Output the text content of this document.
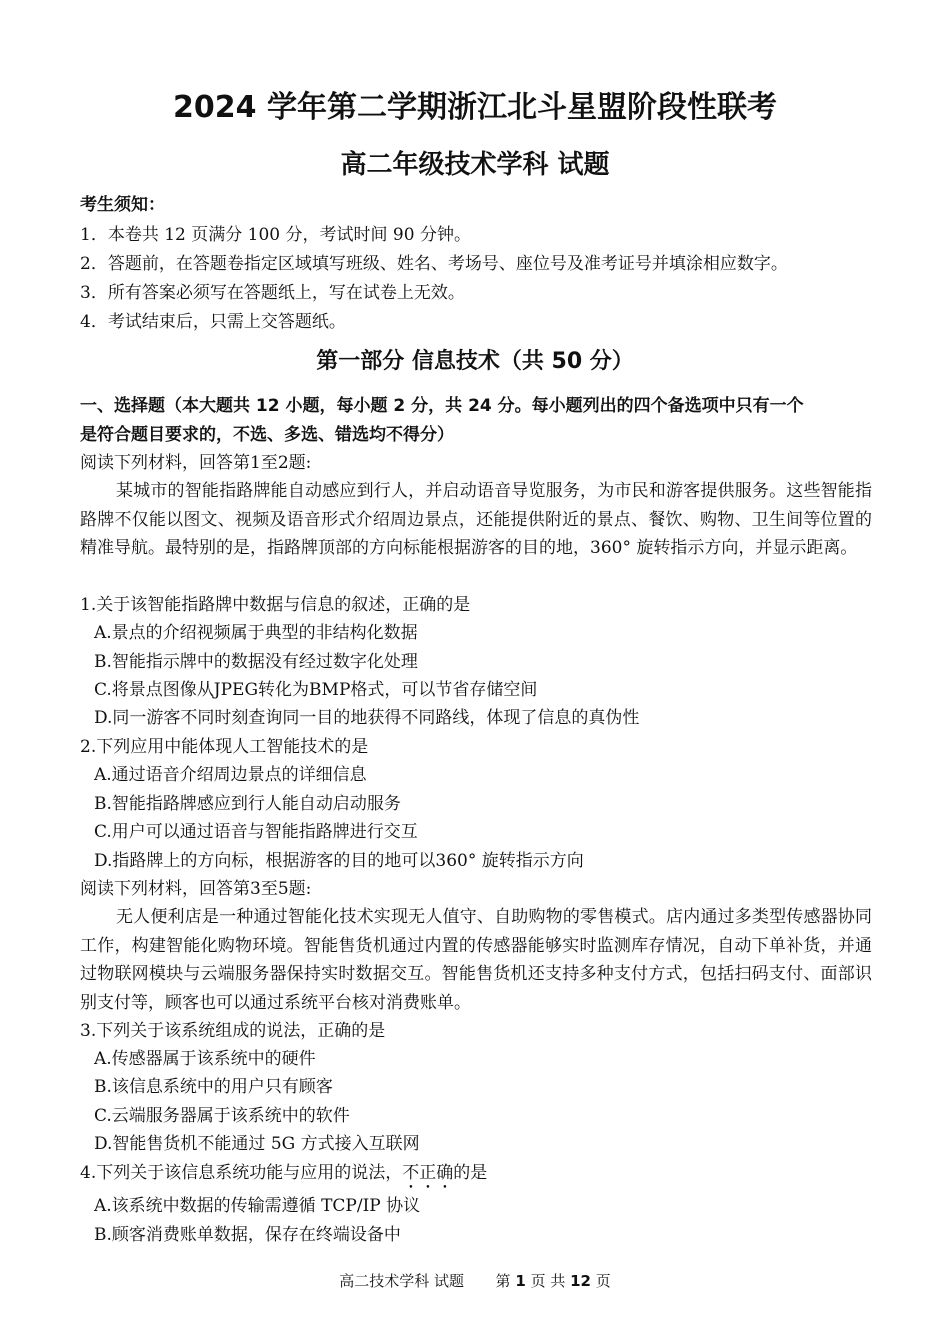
2024 学年第二学期浙江北斗星盟阶段性联考
高二年级技术学科 试题
考生须知：
1．本卷共 12 页满分 100 分，考试时间 90 分钟。
2．答题前，在答题卷指定区域填写班级、姓名、考场号、座位号及准考证号并填涂相应数字。
3．所有答案必须写在答题纸上，写在试卷上无效。
4．考试结束后，只需上交答题纸。
第一部分 信息技术（共 50 分）
一、选择题（本大题共 12 小题，每小题 2 分，共 24 分。每小题列出的四个备选项中只有一个
是符合题目要求的，不选、多选、错选均不得分）
阅读下列材料，回答第1至2题:
某城市的智能指路牌能自动感应到行人，并启动语音导览服务，为市民和游客提供服务。这些智能指路牌不仅能以图文、视频及语音形式介绍周边景点，还能提供附近的景点、餐饮、购物、卫生间等位置的精准导航。最特别的是，指路牌顶部的方向标能根据游客的目的地，360° 旋转指示方向，并显示距离。
1.关于该智能指路牌中数据与信息的叙述，正确的是
A.景点的介绍视频属于典型的非结构化数据
B.智能指示牌中的数据没有经过数字化处理
C.将景点图像从JPEG转化为BMP格式，可以节省存储空间
D.同一游客不同时刻查询同一目的地获得不同路线，体现了信息的真伪性
2.下列应用中能体现人工智能技术的是
A.通过语音介绍周边景点的详细信息
B.智能指路牌感应到行人能自动启动服务
C.用户可以通过语音与智能指路牌进行交互
D.指路牌上的方向标，根据游客的目的地可以360° 旋转指示方向
阅读下列材料，回答第3至5题:
无人便利店是一种通过智能化技术实现无人值守、自助购物的零售模式。店内通过多类型传感器协同工作，构建智能化购物环境。智能售货机通过内置的传感器能够实时监测库存情况，自动下单补货，并通过物联网模块与云端服务器保持实时数据交互。智能售货机还支持多种支付方式，包括扫码支付、面部识别支付等，顾客也可以通过系统平台核对消费账单。
3.下列关于该系统组成的说法，正确的是
A.传感器属于该系统中的硬件
B.该信息系统中的用户只有顾客
C.云端服务器属于该系统中的软件
D.智能售货机不能通过 5G 方式接入互联网
4.下列关于该信息系统功能与应用的说法，不正确的是
A.该系统中数据的传输需遵循 TCP/IP 协议
B.顾客消费账单数据，保存在终端设备中
高二技术学科 试题 第 1 页 共 12 页
